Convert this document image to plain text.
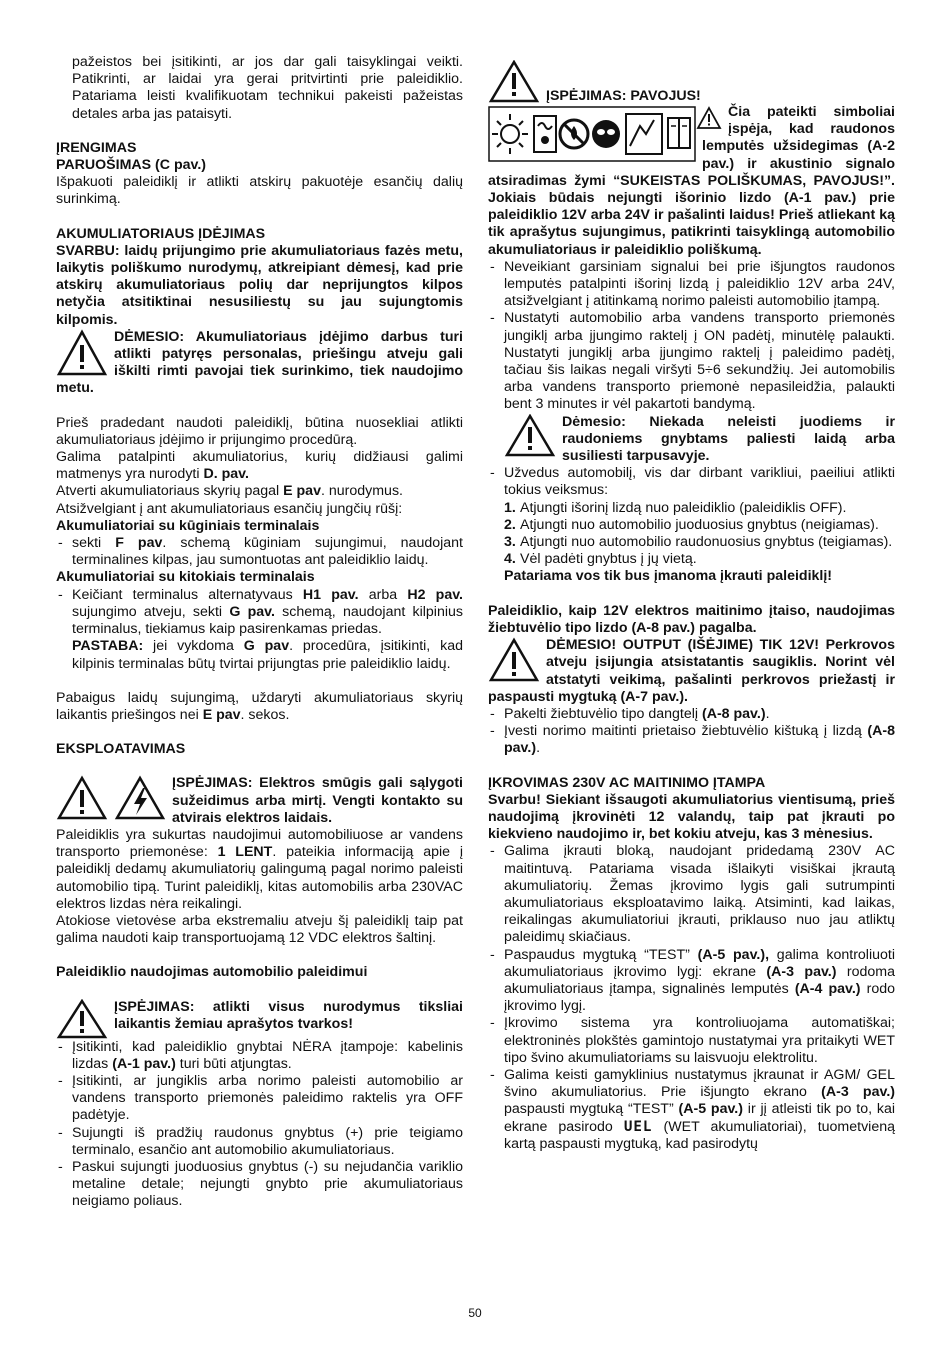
pažeistos bei įsitikinti, ar jos dar gali taisyklingai veikti. Patikrinti, ar laidai yra gerai pritvirtinti prie paleidiklio. Patariama leisti kvalifikuotam technikui pakeisti pažeistas detales arba jas pataisyti.

ĮRENGIMAS

PARUOŠIMAS (C pav.)

Išpakuoti paleidiklį ir atlikti atskirų pakuotėje esančių dalių surinkimą.

AKUMULIATORIAUS ĮDĖJIMAS

SVARBU: laidų prijungimo prie akumuliatoriaus fazės metu, laikytis poliškumo nurodymų, atkreipiant dėmesį, kad prie atskirų akumuliatoriaus polių dar neprijungtos kilpos netyčia atsitiktinai nesusiliestų su jau sujungtomis kilpomis.

DĖMESIO: Akumuliatoriaus įdėjimo darbus turi atlikti patyręs personalas, priešingu atveju gali iškilti rimti pavojai tiek surinkimo, tiek naudojimo metu.

Prieš pradedant naudoti paleidiklį, būtina nuosekliai atlikti akumuliatoriaus įdėjimo ir prijungimo procedūrą.

Galima patalpinti akumuliatorius, kurių didžiausi galimi matmenys yra nurodyti D. pav.

Atverti akumuliatoriaus skyrių pagal E pav. nurodymus.

Atsižvelgiant į ant akumuliatoriaus esančių jungčių rūšį:

Akumuliatoriai su kūginiais terminalais

- sekti F pav. schemą kūginiam sujungimui, naudojant terminalines kilpas, jau sumontuotas ant paleidiklio laidų.

Akumuliatoriai su kitokiais terminalais

- Keičiant terminalus alternatyvaus H1 pav. arba H2 pav. sujungimo atveju, sekti G pav. schemą, naudojant kilpinius terminalus, tiekiamus kaip pasirenkamas priedas.

PASTABA: jei vykdoma G pav. procedūra, įsitikinti, kad kilpinis terminalas būtų tvirtai prijungtas prie paleidiklio laidų.

Pabaigus laidų sujungimą, uždaryti akumuliatoriaus skyrių laikantis priešingos nei E pav. sekos.

EKSPLOATAVIMAS

ĮSPĖJIMAS: Elektros smūgis gali sąlygoti sužeidimus arba mirtį. Vengti kontakto su atvirais elektros laidais.

Paleidiklis yra sukurtas naudojimui automobiliuose ar vandens transporto priemonėse: 1 LENT. pateikia informaciją apie į paleidiklį dedamų akumuliatorių galingumą pagal norimo paleisti automobilio tipą. Turint paleidiklį, kitas automobilis arba 230VAC elektros lizdas nėra reikalingi.

Atokiose vietovėse arba ekstremaliu atveju šį paleidiklį taip pat galima naudoti kaip transportuojamą 12 VDC elektros šaltinį.

Paleidiklio naudojimas automobilio paleidimui

ĮSPĖJIMAS: atlikti visus nurodymus tiksliai laikantis žemiau aprašytos tvarkos!

- Įsitikinti, kad paleidiklio gnybtai NĖRA įtampoje: kabelinis lizdas (A-1 pav.) turi būti atjungtas.

- Įsitikinti, ar jungiklis arba norimo paleisti automobilio ar vandens transporto priemonės paleidimo raktelis yra OFF padėtyje.

- Sujungti iš pradžių raudonus gnybtus (+) prie teigiamo terminalo, esančio ant automobilio akumuliatoriaus.

- Paskui sujungti juoduosius gnybtus (-) su nejudančia variklio metaline detale; nejungti gnybto prie akumuliatoriaus neigiamo poliaus.

ĮSPĖJIMAS: PAVOJUS!

Čia pateikti simboliai įspėja, kad raudonos lemputės užsidegimas (A-2 pav.) ir akustinio signalo atsiradimas žymi “SUKEISTAS POLIŠKUMAS, PAVOJUS!”. Jokiais būdais nejungti išorinio lizdo (A-1 pav.) prie paleidiklio 12V arba 24V ir pašalinti laidus! Prieš atliekant ką tik aprašytus sujungimus, patikrinti taisyklingą automobilio akumuliatoriaus ir paleidiklio poliškumą.

- Neveikiant garsiniam signalui bei prie išjungtos raudonos lemputės patalpinti išorinį lizdą į paleidiklio 12V arba 24V, atsižvelgiant į atitinkamą norimo paleisti automobilio įtampą.

- Nustatyti automobilio arba vandens transporto priemonės jungiklį arba įjungimo raktelį į ON padėtį, minutėlę palaukti. Nustatyti jungiklį arba įjungimo raktelį į paleidimo padėtį, tačiau šis laikas negali viršyti 5÷6 sekundžių. Jei automobilis arba vandens transporto priemonė nepasileidžia, palaukti bent 3 minutes ir vėl pakartoti bandymą.

Dėmesio: Niekada neleisti juodiems ir raudoniems gnybtams paliesti laidą arba susiliesti tarpusavyje.

- Užvedus automobilį, vis dar dirbant varikliui, paeiliui atlikti tokius veiksmus:

1. Atjungti išorinį lizdą nuo paleidiklio (paleidiklis OFF).

2. Atjungti nuo automobilio juoduosius gnybtus (neigiamas).

3. Atjungti nuo automobilio raudonuosius gnybtus (teigiamas).

4. Vėl padėti gnybtus į jų vietą.

Patariama vos tik bus įmanoma įkrauti paleidiklį!

Paleidiklio, kaip 12V elektros maitinimo įtaiso, naudojimas žiebtuvėlio tipo lizdo (A-8 pav.) pagalba.

DĖMESIO! OUTPUT (IŠĖJIME) TIK 12V! Perkrovos atveju įsijungia atsistatantis saugiklis. Norint vėl atstatyti veikimą, pašalinti perkrovos priežastį ir paspausti mygtuką (A-7 pav.).

- Pakelti žiebtuvėlio tipo dangtelį (A-8 pav.).

- Įvesti norimo maitinti prietaiso žiebtuvėlio kištuką į lizdą (A-8 pav.).

ĮKROVIMAS 230V AC MAITINIMO ĮTAMPA

Svarbu! Siekiant išsaugoti akumuliatorius vientisumą, prieš naudojimą įkrovinėti 12 valandų, taip pat įkrauti po kiekvieno naudojimo ir, bet kokiu atveju, kas 3 mėnesius.

- Galima įkrauti bloką, naudojant pridedamą 230V AC maitintuvą. Patariama visada išlaikyti visiškai įkrautą akumuliatorių. Žemas įkrovimo lygis gali sutrumpinti akumuliatoriaus eksploatavimo laiką. Atsiminti, kad laikas, reikalingas akumuliatoriui įkrauti, priklauso nuo jau atliktų paleidimų skiačiaus.

- Paspaudus mygtuką “TEST” (A-5 pav.), galima kontroliuoti akumuliatoriaus įkrovimo lygį: ekrane (A-3 pav.) rodoma akumuliatoriaus įtampa, signalinės lemputės (A-4 pav.) rodo įkrovimo lygį.

- Įkrovimo sistema yra kontroliuojama automatiškai; elektroninės plokštės gamintojo nustatymai yra pritaikyti WET tipo švino akumuliatoriams su laisvuoju elektrolitu.

- Galima keisti gamyklinius nustatymus įkraunat ir AGM/ GEL švino akumuliatorius. Prie išjungto ekrano (A-3 pav.) paspausti mygtuką “TEST” (A-5 pav.) ir jį atleisti tik po to, kai ekrane pasirodo UEL (WET akumuliatoriai), tuometvieną kartą paspausti mygtuką, kad pasirodytų

50
